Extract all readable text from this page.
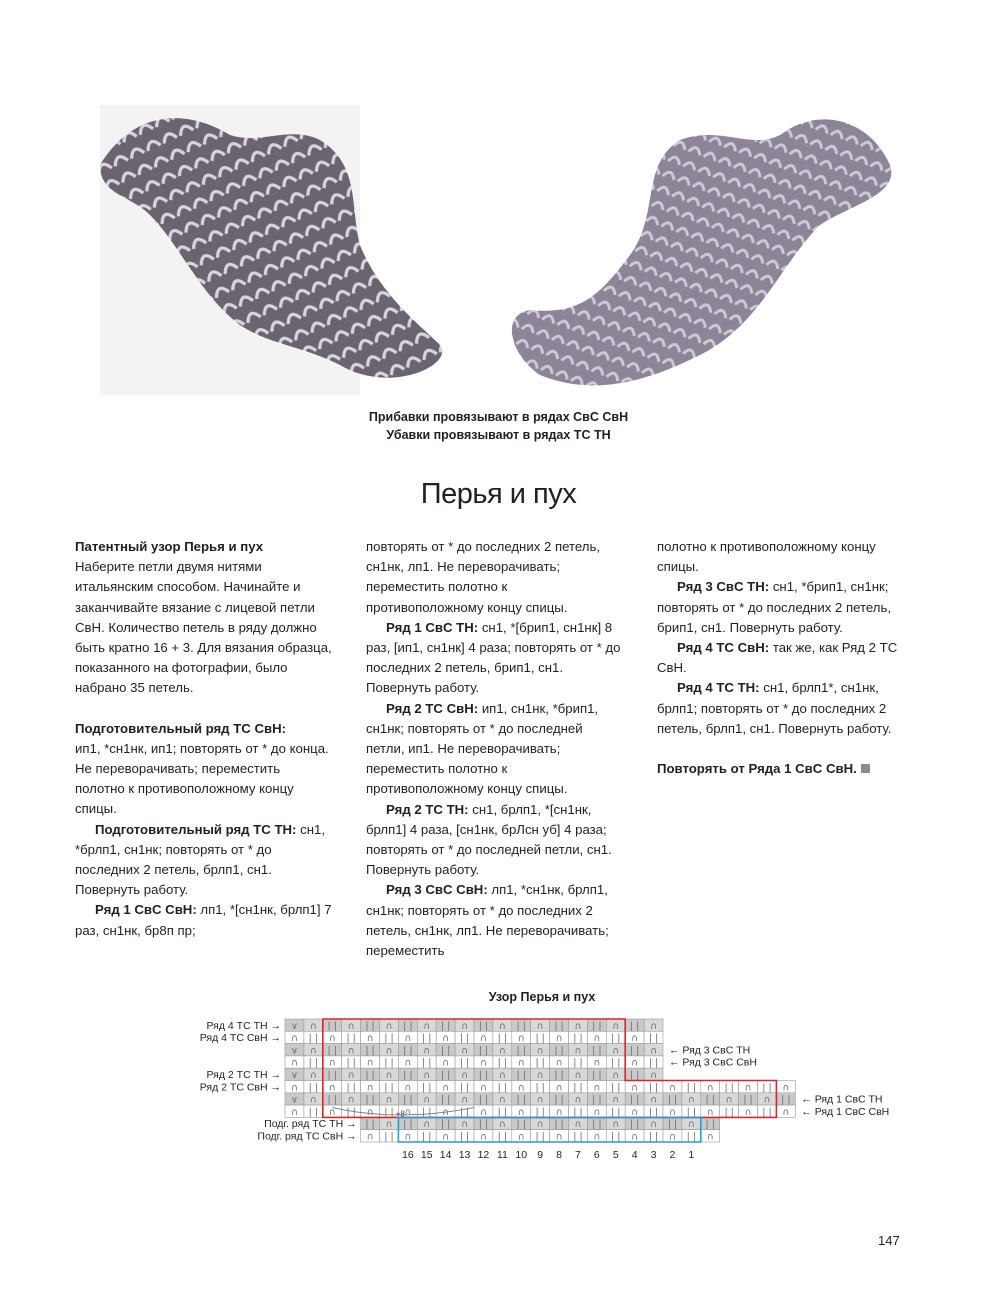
Прибавки провязывают в рядах СвС СвН
Убавки провязывают в рядах ТС ТН
Перья и пух

Патентный узор Перья и пух

Наберите петли двумя нитями итальянским способом. Начинайте и заканчивайте вязание с лицевой петли СвН. Количество петель в ряду должно быть кратно 16 + 3. Для вязания образца, показанного на фотографии, было набрано 35 петель.

Подготовительный ряд ТС СвН:
ип1, *сн1нк, ип1; повторять от * до конца. Не переворачивать; переместить полотно к противоположному концу спицы.

Подготовительный ряд ТС ТН: сн1, *брлп1, сн1нк; повторять от * до последних 2 петель, брлп1, сн1. Повернуть работу.

Ряд 1 СвС СвН: лп1, *[сн1нк, брлп1] 7 раз, сн1нк, бр8п пр;

повторять от * до последних 2 петель, сн1нк, лп1. Не переворачивать; переместить полотно к противоположному концу спицы.

Ряд 1 СвС ТН: сн1, *[брип1, сн1нк] 8 раз, [ип1, сн1нк] 4 раза; повторять от * до последних 2 петель, брип1, сн1. Повернуть работу.

Ряд 2 ТС СвН: ип1, сн1нк, *брип1, сн1нк; повторять от * до последней петли, ип1. Не переворачивать; переместить полотно к противоположному концу спицы.

Ряд 2 ТС ТН: сн1, брлп1, *[сн1нк, брлп1] 4 раза, [сн1нк, брЛсн уб] 4 раза; повторять от * до последней петли, сн1. Повернуть работу.

Ряд 3 СвС СвН: лп1, *сн1нк, брлп1, сн1нк; повторять от * до последних 2 петель, сн1нк, лп1. Не переворачивать; переместить

полотно к противоположному концу спицы.

Ряд 3 СвС ТН: сн1, *брип1, сн1нк; повторять от * до последних 2 петель, брип1, сн1. Повернуть работу.

Ряд 4 ТС СвН: так же, как Ряд 2 ТС СвН.

Ряд 4 ТС ТН: сн1, брлп1*, сн1нк, брлп1; повторять от * до последних 2 петель, брлп1, сн1. Повернуть работу.

Повторять от Ряда 1 СвС СвН.

Узор Перья и пух
∨ ∩ | | ∩ | | ∩ | | ∩ | | ∩ | | ∩ | | ∩ | | ∩ | | ∩ | | ∩
∩ | | ∩ | | ∩ | | ∩ | | ∩ | | ∩ | | ∩ | | ∩ | | ∩ | | ∩ | |
∨ ∩ | | ∩ | | ∩ | | ∩ | | ∩ | | ∩ | | ∩ | | ∩ | | ∩ | | ∩
∩ | | ∩ | | ∩ | | ∩ | | ∩ | | ∩ | | ∩ | | ∩ | | ∩ | | ∩ | |
∨ ∩ | | ∩ | | ∩ | | ∩ | | ∩ | | ∩ | | ∩ | | ∩ | | ∩ | | ∩
∩ | | ∩ | | ∩ | | ∩ | | ∩ | | ∩ | | ∩ | | ∩ | | ∩ | | ∩ | | ∩ | | ∩ | | ∩ | | ∩
∨ ∩ | | ∩ | | ∩ | | ∩ | | ∩ | | ∩ | | ∩ | | ∩ | | ∩ | | ∩ | | ∩ | | ∩ | | ∩ | |
∩ | | ∩ | | ∩ | | ∩ | | ∩ | | ∩ | | ∩ | | ∩ | | ∩ | | ∩ | | ∩ | | ∩ | | ∩ | | ∩
| | ∩ | | ∩ | | ∩ | | ∩ | | ∩ | | ∩ | | ∩ | | ∩ | | ∩ | |
∩ | | ∩ | | ∩ | | ∩ | | ∩ | | ∩ | | ∩ | | ∩ | | ∩ | | ∩
+8
Ряд 4 ТС ТН →
Ряд 4 ТС СвН →
Ряд 2 ТС ТН →
Ряд 2 ТС СвН →
Подг. ряд ТС ТН →
Подг. ряд ТС СвН →
← Ряд 3 СвС ТН
← Ряд 3 СвС СвН
← Ряд 1 СвС ТН
← Ряд 1 СвС СвН
16 15 14 13 12 11 10 9 8 7 6 5 4 3 2 1
147
